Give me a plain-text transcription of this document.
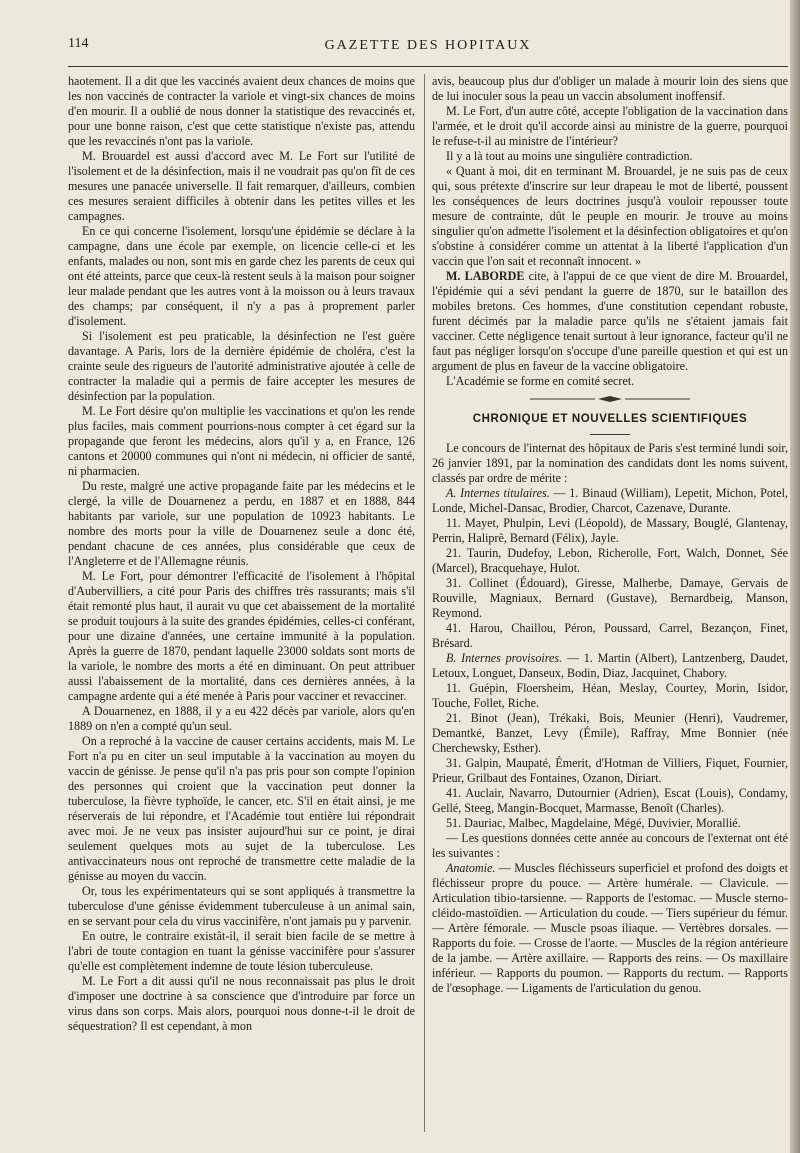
114	GAZETTE DES HOPITAUX

haotement. Il a dit que les vaccinés avaient deux chances de moins que les non vaccinés de contracter la variole et vingt-six chances de moins d'en mourir. Il a oublié de nous donner la statistique des revaccinés et, pour une bonne raison, c'est que cette statistique n'existe pas, attendu que les revaccinés n'ont pas la variole.

M. Brouardel est aussi d'accord avec M. Le Fort sur l'utilité de l'isolement et de la désinfection, mais il ne voudrait pas qu'on fît de ces mesures une panacée universelle. Il fait remarquer, d'ailleurs, combien ces mesures seraient difficiles à obtenir dans les petites villes et les campagnes.

En ce qui concerne l'isolement, lorsqu'une épidémie se déclare à la campagne, dans une école par exemple, on licencie celle-ci et les enfants, malades ou non, sont mis en garde chez les parents de ceux qui ont été atteints, parce que ceux-là restent seuls à la maison pour soigner leur malade pendant que les autres vont à la moisson ou à leurs travaux des champs; par conséquent, il n'y a pas à proprement parler d'isolement.

Si l'isolement est peu praticable, la désinfection ne l'est guère davantage. A Paris, lors de la dernière épidémie de choléra, c'est la crainte seule des rigueurs de l'autorité administrative ajoutée à celle de contracter la maladie qui a permis de faire accepter les mesures de désinfection par la population.

M. Le Fort désire qu'on multiplie les vaccinations et qu'on les rende plus faciles, mais comment pourrions-nous compter à cet égard sur la propagande que feront les médecins, alors qu'il y a, en France, 126 cantons et 20000 communes qui n'ont ni médecin, ni officier de santé, ni pharmacien.

Du reste, malgré une active propagande faite par les médecins et le clergé, la ville de Douarnenez a perdu, en 1887 et en 1888, 844 habitants par variole, sur une population de 10923 habitants. Le nombre des morts pour la ville de Douarnenez seule a donc été, pendant chacune de ces années, plus considérable que ceux de l'Angleterre et de l'Allemagne réunis.

M. Le Fort, pour démontrer l'efficacité de l'isolement à l'hôpital d'Aubervilliers, a cité pour Paris des chiffres très rassurants; mais s'il était remonté plus haut, il aurait vu que cet abaissement de la mortalité se produit toujours à la suite des grandes épidémies, celles-ci conférant, pour une dizaine d'années, une certaine immunité à la population. Après la guerre de 1870, pendant laquelle 23000 soldats sont morts de la variole, le nombre des morts a été en diminuant. On peut attribuer aussi l'abaissement de la mortalité, dans ces dernières années, à la campagne ardente qui a été menée à Paris pour vacciner et revacciner.

A Douarnenez, en 1888, il y a eu 422 décès par variole, alors qu'en 1889 on n'en a compté qu'un seul.

On a reproché à la vaccine de causer certains accidents, mais M. Le Fort n'a pu en citer un seul imputable à la vaccination au moyen du vaccin de génisse. Je pense qu'il n'a pas pris pour son compte l'opinion des personnes qui croient que la vaccination peut donner la tuberculose, la fièvre typhoïde, le cancer, etc. S'il en était ainsi, je me réserverais de lui répondre, et l'Académie tout entière lui répondrait avec moi. Je ne veux pas insister aujourd'hui sur ce point, je dirai seulement quelques mots au sujet de la tuberculose. Les antivaccinateurs nous ont reproché de transmettre cette maladie de la génisse au moyen du vaccin.

Or, tous les expérimentateurs qui se sont appliqués à transmettre la tuberculose d'une génisse évidemment tuberculeuse à un animal sain, en se servant pour cela du virus vaccinifère, n'ont jamais pu y parvenir.

En outre, le contraire existât-il, il serait bien facile de se mettre à l'abri de toute contagion en tuant la génisse vaccinifère pour s'assurer qu'elle est complètement indemne de toute lésion tuberculeuse.

M. Le Fort a dit aussi qu'il ne nous reconnaissait pas plus le droit d'imposer une doctrine à sa conscience que d'introduire par force un virus dans son corps. Mais alors, pourquoi nous donne-t-il le droit de séquestration? Il est cependant, à mon

avis, beaucoup plus dur d'obliger un malade à mourir loin des siens que de lui inoculer sous la peau un vaccin absolument inoffensif.

M. Le Fort, d'un autre côté, accepte l'obligation de la vaccination dans l'armée, et le droit qu'il accorde ainsi au ministre de la guerre, pourquoi le refuse-t-il au ministre de l'intérieur?

Il y a là tout au moins une singulière contradiction.

« Quant à moi, dit en terminant M. Brouardel, je ne suis pas de ceux qui, sous prétexte d'inscrire sur leur drapeau le mot de liberté, poussent les conséquences de leurs doctrines jusqu'à vouloir repousser toute mesure de contrainte, dût le peuple en mourir. Je trouve au moins singulier qu'on admette l'isolement et la désinfection obligatoires et qu'on s'obstine à considérer comme un attentat à la liberté l'application d'un vaccin que l'on sait et reconnaît innocent. »

M. LABORDE cite, à l'appui de ce que vient de dire M. Brouardel, l'épidémie qui a sévi pendant la guerre de 1870, sur le bataillon des mobiles bretons. Ces hommes, d'une constitution cependant robuste, furent décimés par la maladie parce qu'ils ne s'étaient jamais fait vacciner. Cette négligence tenait surtout à leur ignorance, facteur qu'il ne faut pas négliger lorsqu'on s'occupe d'une pareille question et qui est un argument de plus en faveur de la vaccine obligatoire.

L'Académie se forme en comité secret.

CHRONIQUE ET NOUVELLES SCIENTIFIQUES

Le concours de l'internat des hôpitaux de Paris s'est terminé lundi soir, 26 janvier 1891, par la nomination des candidats dont les noms suivent, classés par ordre de mérite :

A. Internes titulaires. — 1. Binaud (William), Lepetit, Michon, Potel, Londe, Michel-Dansac, Brodier, Charcot, Cazenave, Durante.

11. Mayet, Phulpin, Levi (Léopold), de Massary, Bouglé, Glantenay, Perrin, Haliprê, Bernard (Félix), Jayle.

21. Taurin, Dudefoy, Lebon, Richerolle, Fort, Walch, Donnet, Sée (Marcel), Bracquehaye, Hulot.

31. Collinet (Édouard), Giresse, Malherbe, Damaye, Gervais de Rouville, Magniaux, Bernard (Gustave), Bernardbeig, Manson, Reymond.

41. Harou, Chaillou, Péron, Poussard, Carrel, Bezançon, Finet, Brésard.

B. Internes provisoires. — 1. Martin (Albert), Lantzenberg, Daudet, Letoux, Longuet, Danseux, Bodin, Diaz, Jacquinet, Chabory.

11. Guépin, Floersheim, Héan, Meslay, Courtey, Morin, Isidor, Touche, Follet, Riche.

21. Binot (Jean), Trékaki, Bois, Meunier (Henri), Vaudremer, Demantké, Banzet, Levy (Émile), Raffray, Mme Bonnier (née Cherchewsky, Esther).

31. Galpin, Maupaté, Émerit, d'Hotman de Villiers, Fiquet, Fournier, Prieur, Grilbaut des Fontaines, Ozanon, Diriart.

41. Auclair, Navarro, Dutournier (Adrien), Escat (Louis), Condamy, Gellé, Steeg, Mangin-Bocquet, Marmasse, Benoît (Charles).

51. Dauriac, Malbec, Magdelaine, Mégé, Duvivier, Morallié.

— Les questions données cette année au concours de l'externat ont été les suivantes :

Anatomie. — Muscles fléchisseurs superficiel et profond des doigts et fléchisseur propre du pouce. — Artère humérale. — Clavicule. — Articulation tibio-tarsienne. — Rapports de l'estomac. — Muscle sterno-cléido-mastoïdien. — Articulation du coude. — Tiers supérieur du fémur. — Artère fémorale. — Muscle psoas iliaque. — Vertèbres dorsales. — Rapports du foie. — Crosse de l'aorte. — Muscles de la région antérieure de la jambe. — Artère axillaire. — Rapports des reins. — Os maxillaire inférieur. — Rapports du poumon. — Rapports du rectum. — Rapports de l'œsophage. — Ligaments de l'articulation du genou.
